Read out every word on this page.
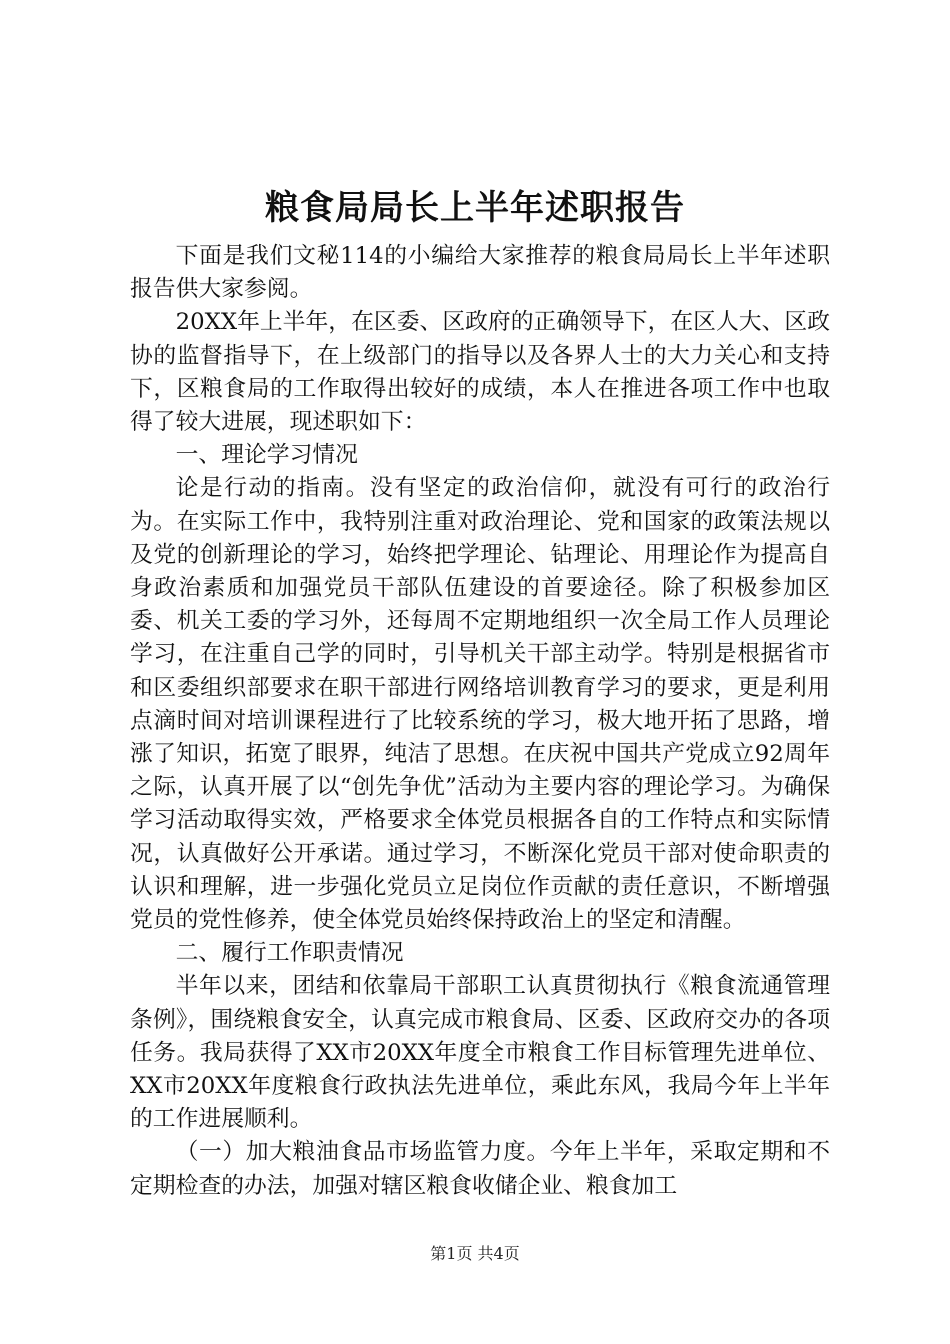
粮食局局长上半年述职报告

下面是我们文秘114的小编给大家推荐的粮食局局长上半年述职报告供大家参阅。

20XX年上半年，在区委、区政府的正确领导下，在区人大、区政协的监督指导下，在上级部门的指导以及各界人士的大力关心和支持下，区粮食局的工作取得出较好的成绩，本人在推进各项工作中也取得了较大进展，现述职如下：

一、理论学习情况

论是行动的指南。没有坚定的政治信仰，就没有可行的政治行为。在实际工作中，我特别注重对政治理论、党和国家的政策法规以及党的创新理论的学习，始终把学理论、钻理论、用理论作为提高自身政治素质和加强党员干部队伍建设的首要途径。除了积极参加区委、机关工委的学习外，还每周不定期地组织一次全局工作人员理论学习，在注重自己学的同时，引导机关干部主动学。特别是根据省市和区委组织部要求在职干部进行网络培训教育学习的要求，更是利用点滴时间对培训课程进行了比较系统的学习，极大地开拓了思路，增涨了知识，拓宽了眼界，纯洁了思想。在庆祝中国共产党成立92周年之际，认真开展了以“创先争优”活动为主要内容的理论学习。为确保学习活动取得实效，严格要求全体党员根据各自的工作特点和实际情况，认真做好公开承诺。通过学习，不断深化党员干部对使命职责的认识和理解，进一步强化党员立足岗位作贡献的责任意识，不断增强党员的党性修养，使全体党员始终保持政治上的坚定和清醒。

二、履行工作职责情况

半年以来，团结和依靠局干部职工认真贯彻执行《粮食流通管理条例》，围绕粮食安全，认真完成市粮食局、区委、区政府交办的各项任务。我局获得了XX市20XX年度全市粮食工作目标管理先进单位、XX市20XX年度粮食行政执法先进单位，乘此东风，我局今年上半年的工作进展顺利。

（一）加大粮油食品市场监管力度。今年上半年，采取定期和不定期检查的办法，加强对辖区粮食收储企业、粮食加工

第1页 共4页
